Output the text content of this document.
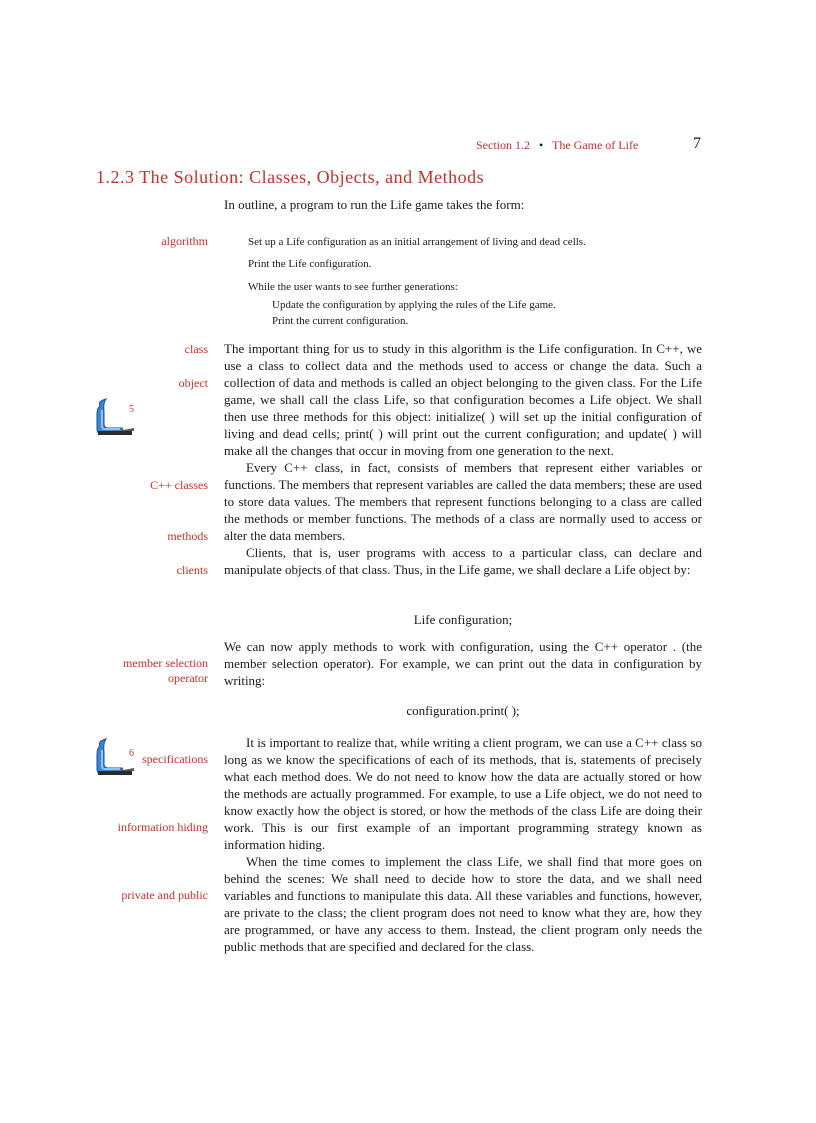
Section 1.2 • The Game of Life	7
1.2.3 The Solution: Classes, Objects, and Methods
In outline, a program to run the Life game takes the form:
algorithm	Set up a Life configuration as an initial arrangement of living and dead cells.
Print the Life configuration.
While the user wants to see further generations:
Update the configuration by applying the rules of the Life game.
Print the current configuration.
class
object
C++ classes
methods
clients
member selection
operator
specifications
information hiding
private and public
5
6

The important thing for us to study in this algorithm is the Life configuration. In C++, we use a class to collect data and the methods used to access or change the data. Such a collection of data and methods is called an object belonging to the given class. For the Life game, we shall call the class Life, so that configuration becomes a Life object. We shall then use three methods for this object: initialize( ) will set up the initial configuration of living and dead cells; print( ) will print out the current configuration; and update( ) will make all the changes that occur in moving from one generation to the next.

Every C++ class, in fact, consists of members that represent either variables or functions. The members that represent variables are called the data members; these are used to store data values. The members that represent functions belonging to a class are called the methods or member functions. The methods of a class are normally used to access or alter the data members.

Clients, that is, user programs with access to a particular class, can declare and manipulate objects of that class. Thus, in the Life game, we shall declare a Life object by:

Life configuration;
We can now apply methods to work with configuration, using the C++ operator . (the member selection operator). For example, we can print out the data in configuration by writing:
configuration.print( );

It is important to realize that, while writing a client program, we can use a C++ class so long as we know the specifications of each of its methods, that is, statements of precisely what each method does. We do not need to know how the data are actually stored or how the methods are actually programmed. For example, to use a Life object, we do not need to know exactly how the object is stored, or how the methods of the class Life are doing their work. This is our first example of an important programming strategy known as information hiding.

When the time comes to implement the class Life, we shall find that more goes on behind the scenes: We shall need to decide how to store the data, and we shall need variables and functions to manipulate this data. All these variables and functions, however, are private to the class; the client program does not need to know what they are, how they are programmed, or have any access to them. Instead, the client program only needs the public methods that are specified and declared for the class.
